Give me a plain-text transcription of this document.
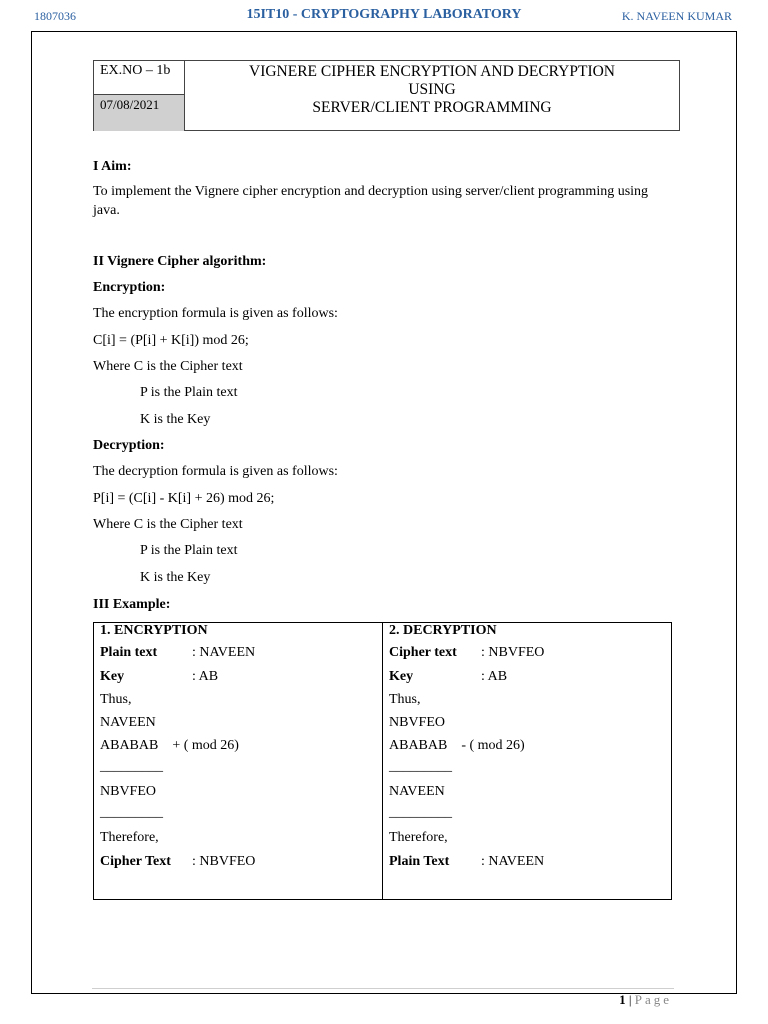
1807036	15IT10 - CRYPTOGRAPHY LABORATORY	K. NAVEEN KUMAR
EX.NO – 1b
07/08/2021
VIGNERE CIPHER ENCRYPTION AND DECRYPTION
USING
SERVER/CLIENT PROGRAMMING
I Aim:
To implement the Vignere cipher encryption and decryption using server/client programming using java.
II Vignere Cipher algorithm:
Encryption:
The encryption formula is given as follows:
C[i] = (P[i] + K[i]) mod 26;
Where C is the Cipher text
P is the Plain text
K is the Key
Decryption:
The decryption formula is given as follows:
P[i] = (C[i] - K[i] + 26) mod 26;
Where C is the Cipher text
P is the Plain text
K is the Key
III Example:
1. ENCRYPTION
Plain text : NAVEEN
Key	: AB
Thus,
NAVEEN
ABABAB    + ( mod 26)
_________
NBVFEO
_________
Therefore,
Cipher Text : NBVFEO
2. DECRYPTION
Cipher text : NBVFEO
Key	: AB
Thus,
NBVFEO
ABABAB    - ( mod 26)
_________
NAVEEN
_________
Therefore,
Plain Text : NAVEEN
1 | Page
